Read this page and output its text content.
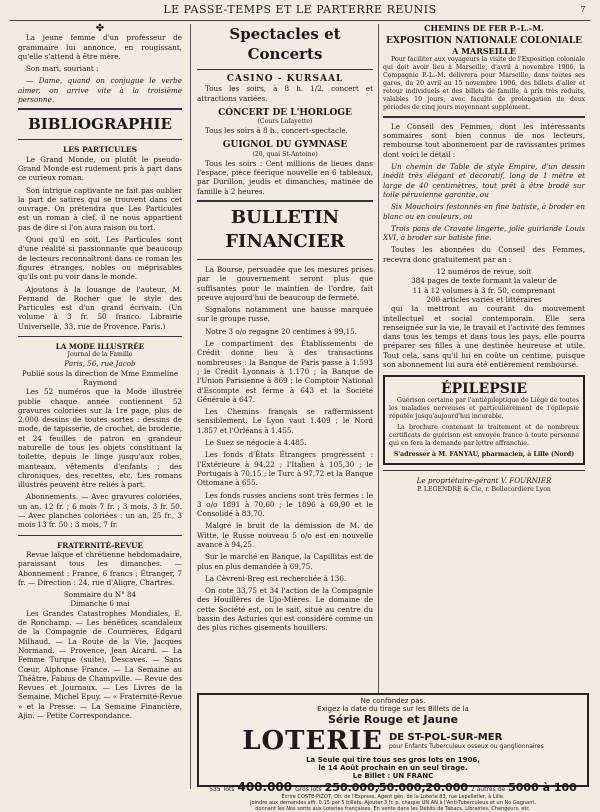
LE PASSE-TEMPS ET LE PARTERRE REUNIS	7
✤

La jeune femme d'un professeur de grammaire lui annonce, en rougissant, qu'elle s'attend à être mère.

Son mari, souriant :

— Dame, quand on conjugue le verbe aimer, on arrive vite à la troisième personne.

BIBLIOGRAPHIE
LES PARTICULES

Le Grand Monde, ou plutôt le pseudo-Grand Monde est rudement pris à part dans ce curieux roman.

Son intrigue captivante ne fait pas oublier la part de satires qui se trouvent dans cet ouvrage. On prétendra que Les Particules est un roman à clef, il ne nous appartient pas de dire si l'on aura raison ou tort.

Quoi qu'il en soit, Les Particules sont d'une réalité si passionnante que beaucoup de lecteurs reconnaîtront dans ce roman les figures étranges, nobles ou méprisables qu'ils ont pu voir dans le monde.

Ajoutons à la louange de l'auteur, M. Fernand de Rocher que le style des Particules est d'un grand écrivain. (Un volume à 3 fr. 50 franco. Librairie Universelle, 33, rue de Provence, Paris.)

LA MODE ILLUSTRÉE
Journal de la Famille
Paris, 56, rue Jacob
Publié sous la direction de Mme Emmeline Raymond

Les 52 numéros que la Mode illustrée publie chaque année contiennent 52 gravures coloriées sur la 1re page, plus de 2.000 dessins de toutes sortes : dessins de mode, de tapisserie, de crochet, de broderie, et 24 feuilles de patron en grandeur naturelle de tous les objets constituant la toilette, depuis le linge jusqu'aux robes, manteaux, vêtements d'enfants ; des chroniques, des recettes, etc. Les romans illustrés peuvent être reliés à part.

Abonnements. — Avec gravures coloriées, un an, 12 fr. ; 6 mois 7 fr. ; 3 mois, 3 fr. 50. — Avec planches coloriées : un an, 25 fr., 3 mois 13 fr. 50 ; 3 mois, 7 fr.

FRATERNITÉ-REVUE

Revue laïque et chrétienne hebdomadaire, paraissant tous les dimanches. — Abonnement : France, 6 francs ; Étranger, 7 fr. — Direction : 24, rue d'Aligre, Chartres.

Sommaire du N° 84
Dimanche 6 mai

Les Grandes Catastrophes Mondiales, E. de Ronchamp. — Les bénéfices scandaleux de la Compagnie de Courrières, Edgard Milhaud. — La Route de la Vie, Jacques Normand. — Provence, Jean Aicard. — La Femme Turque (suite), Descaves. — Sans Cœur, Alphonse France. — La Semaine au Théâtre, Fabius de Champville. — Revue des Revues et Journaux. — Les Livres de la Semaine, Michel Epuy. — « Fraternité-Revue » et la Presse. — La Semaine Financière, Ajin. — Petite Correspondance.

Spectacles et Concerts
CASINO - KURSAAL

Tous les soirs, à 8 h. 1/2, concert et attractions variées.

CONCERT DE L'HORLOGE
(Cours Lafayette)

Tous les soirs à 8 h., concert-spectacle.

GUIGNOL DU GYMNASE
(20, quai St-Antoine)

Tous les soirs : Cent millions de lieues dans l'espace, pièce féerique nouvelle en 6 tableaux, par Durillon, jeudis et dimanches, matinée de famille à 2 heures.

BULLETIN FINANCIER

La Bourse, persuadée que les mesures prises par le gouvernement seront plus que suffisantes pour le maintien de l'ordre, fait preuve aujourd'hui de beaucoup de fermeté.

Signalons notamment une hausse marquée sur le groupe russe.

Notre 3 o/o regagne 20 centimes à 99,15.

Le compartiment des Établissements de Crédit donne lieu à des transactions nombreuses : la Banque de Paris passe à 1.593 ; le Crédit Lyonnais à 1.170 ; la Banque de l'Union Parisienne à 869 ; le Comptoir National d'Escompte est ferme à 643 et la Société Générale à 647.

Les Chemins français se raffermissent sensiblement. Le Lyon vaut 1.409 ; le Nord 1.857 et l'Orléans à 1.455.

Le Suez se négocie à 4.485.

Les fonds d'États Étrangers progressent : l'Extérieure à 94,22 ; l'Italien à 105,30 ; le Portugais à 70,15 ; le Turc à 97,72 et la Banque Ottomane à 655.

Les fonds russes anciens sont très fermes : le 3 o/o 1891 à 70,60 ; le 1896 à 69,90 et le Consolidé à 83,70.

Malgré le bruit de la démission de M. de Witte, le Russe nouveau 5 o/o est en nouvelle avance à 94,25.

Sur le marché en Banque, la Capillitas est de plus en plus demandée à 69,75.

La Cèvreni-Breg est recherchée à 136.

On cote 33,75 et 34 l'action de la Compagnie des Houillères de Ujo-Mières. Le domaine de cette Société est, on le sait, situé au centre du bassin des Asturies qui est considéré comme un des plus riches gisements houillers.

CHEMINS DE FER P.-L.-M.
EXPOSITION NATIONALE COLONIALE
A MARSEILLE

Pour faciliter aux voyageurs la visite de l'Exposition coloniale qui doit avoir lieu à Marseille, d'avril à novembre 1906, la Compagnie P.-L.-M. délivrera pour Marseille, dans toutes ses gares, du 20 avril au 15 novembre 1906, des billets d'aller et retour individuels et des billets de famille, à prix très réduits, valables 10 jours, avec faculté de prolongation de deux périodes de cinq jours moyennant supplément.

Le Conseil des Femmes, dont les intéressants sommaires sont bien connus de nos lecteurs, rembourse tout abonnement par de ravissantes primes dont voici le détail :

Un chemin de Table de style Empire, d'un dessin inédit très élégant et décoratif, long de 1 mètre et large de 40 centimètres, tout prêt à être brodé sur toile péruvienne garantie, ou

Six Mouchoirs festonnés en fine batiste, à broder en blanc ou en couleurs, ou

Trois pans de Cravate lingerie, jolie guirlande Louis XVI, à broder sur batiste fine.

Toutes les abonnées du Conseil des Femmes, recevra donc gratuitement par an :

12 numéros de revue, soit
384 pages de texte formant la valeur de
11 à 12 volumes à 3 fr. 50, comprenant
200 articles variés et littéraires

qui la mettront au courant du mouvement intellectuel et social contemporain. Elle sera renseignée sur la vie, le travail et l'activité des femmes dans tous les temps et dans tous les pays, elle pourra préparer ses filles à une destinée heureuse et utile. Tout cela, sans qu'il lui en coûte un centime, puisque son abonnement lui aura été entièrement remboursé.

ÉPILEPSIE

Guérison certaine par l'antiépileptique de Liège de toutes les maladies nerveuses et particulièrement de l'épilepsie réputée jusqu'aujourd'hui incurable.

La brochure contenant le traitement et de nombreux certificats de guérison est envoyée franco à toute personne qui en fera la demande par lettre affranchie.

S'adresser à M. FANYAU, pharmacien, à Lille (Nord)
Le propriétaire-gérant V. FOURNIER
P. LEGENDRE & Cie, r. Bellecordière Lyon
Ne confondez pas.
Exigez la date du tirage sur les Billets de la
Série Rouge et Jaune
LOTERIE DE ST-POL-SUR-MER
pour Enfants Tuberculeux osseux ou ganglionnaires
La Seule qui tire tous ses gros lots en 1906,
le 14 Août prochain en un seul tirage.
Le Billet : UN FRANC
535 lots 400.000 Gros lots 250.000,50.000,20.000 2 autres de 5000 à 100
Écrire COSTE-PIZOT, Dir. de l'Express, Agent gén. de la Loterie 83, rue Lepelletier, à Lille.
Joindre aux demandes affr. 0.15 par 5 billets. Ajouter 3 fr. p. chaque UN AN à l'Anti-Tuberculeux et un No Gagnant,
donnant les Nos sortis aux Loteries françaises. En vente dans les Débits de Tabacs, Librairies, Changeurs, etc.
